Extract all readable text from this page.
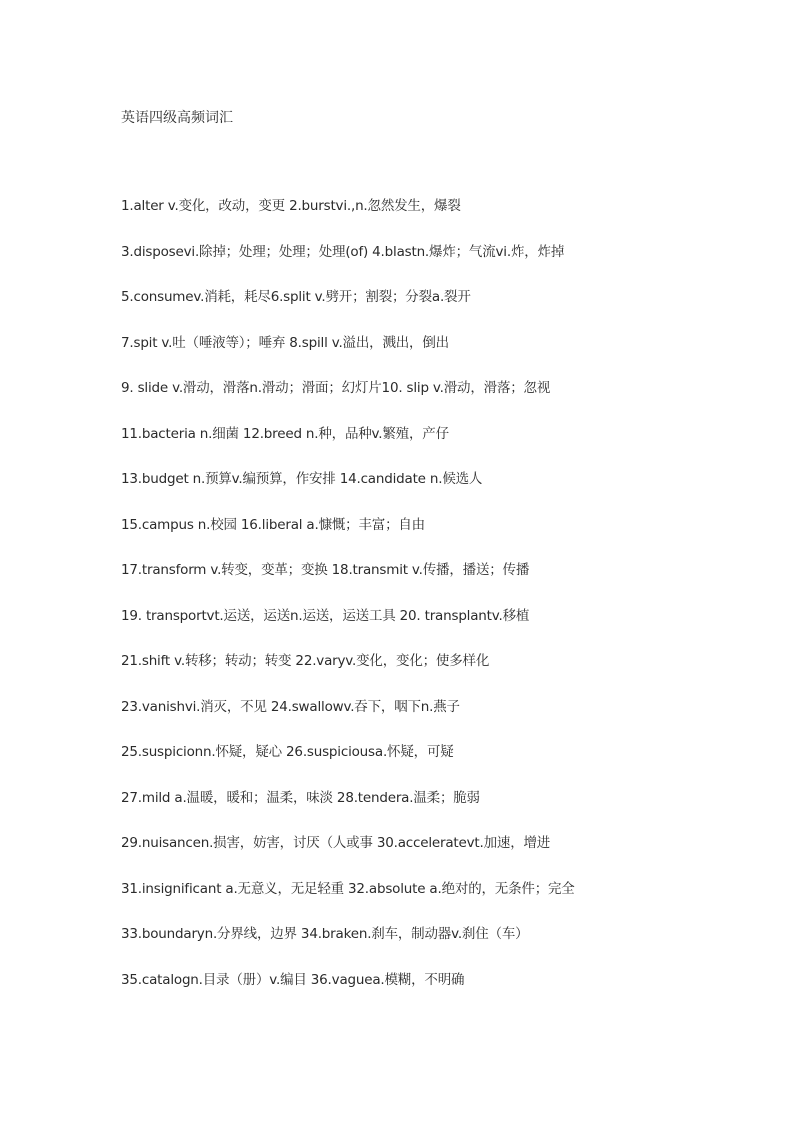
英语四级高频词汇
1.alter v.变化，改动，变更 2.burstvi.,n.忽然发生，爆裂
3.disposevi.除掉；处理；处理；处理(of) 4.blastn.爆炸；气流vi.炸，炸掉
5.consumev.消耗，耗尽6.split v.劈开；割裂；分裂a.裂开
7.spit v.吐（唾液等）；唾弃 8.spill v.溢出，溅出，倒出
9. slide v.滑动，滑落n.滑动；滑面；幻灯片10. slip v.滑动，滑落；忽视
11.bacteria n.细菌 12.breed n.种，品种v.繁殖，产仔
13.budget n.预算v.编预算，作安排 14.candidate n.候选人
15.campus n.校园 16.liberal a.慷慨；丰富；自由
17.transform v.转变，变革；变换 18.transmit v.传播，播送；传播
19. transportvt.运送，运送n.运送，运送工具 20. transplantv.移植
21.shift v.转移；转动；转变 22.varyv.变化，变化；使多样化
23.vanishvi.消灭，不见 24.swallowv.吞下，咽下n.燕子
25.suspicionn.怀疑，疑心 26.suspiciousa.怀疑，可疑
27.mild a.温暖，暖和；温柔，味淡 28.tendera.温柔；脆弱
29.nuisancen.损害，妨害，讨厌（人或事 30.acceleratevt.加速，增进
31.insignificant a.无意义，无足轻重 32.absolute a.绝对的，无条件；完全
33.boundaryn.分界线，边界 34.braken.刹车，制动器v.刹住（车）
35.catalogn.目录（册）v.编目 36.vaguea.模糊，不明确
